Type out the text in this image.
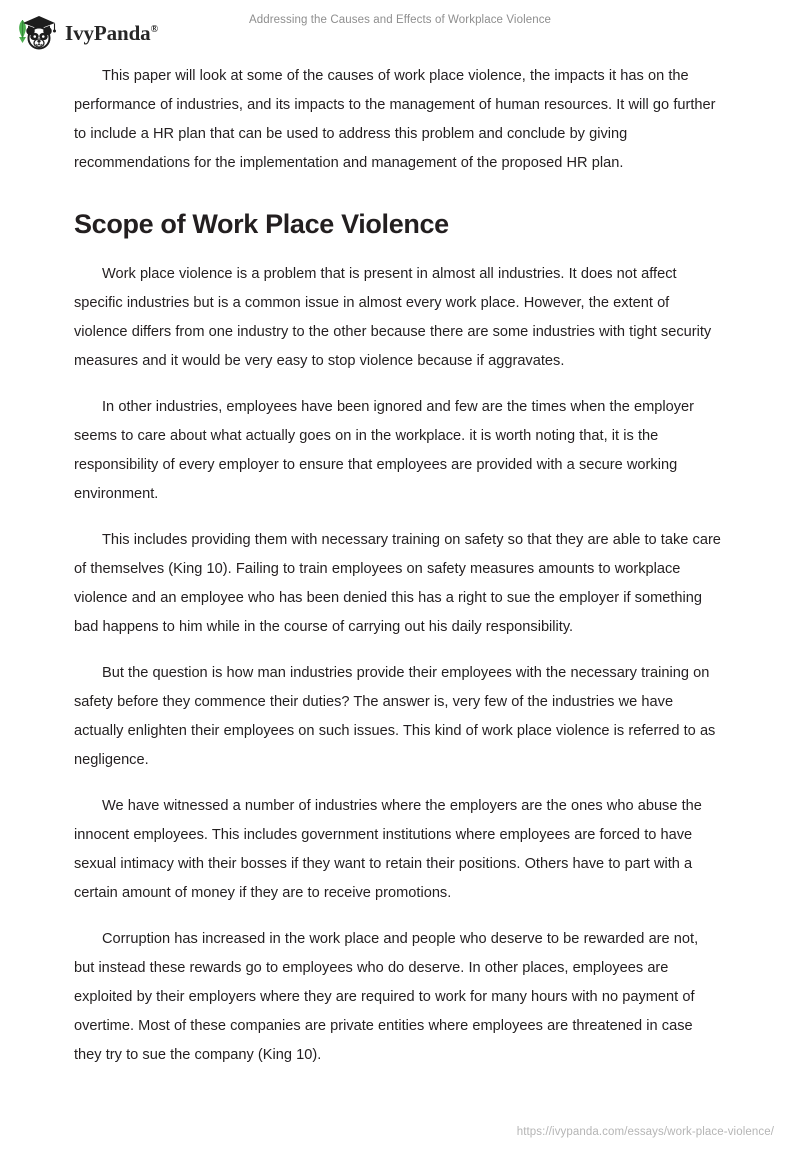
IvyPanda®
Addressing the Causes and Effects of Workplace Violence

This paper will look at some of the causes of work place violence, the impacts it has on the performance of industries, and its impacts to the management of human resources. It will go further to include a HR plan that can be used to address this problem and conclude by giving recommendations for the implementation and management of the proposed HR plan.

Scope of Work Place Violence

Work place violence is a problem that is present in almost all industries. It does not affect specific industries but is a common issue in almost every work place. However, the extent of violence differs from one industry to the other because there are some industries with tight security measures and it would be very easy to stop violence because if aggravates.

In other industries, employees have been ignored and few are the times when the employer seems to care about what actually goes on in the workplace. it is worth noting that, it is the responsibility of every employer to ensure that employees are provided with a secure working environment.

This includes providing them with necessary training on safety so that they are able to take care of themselves (King 10). Failing to train employees on safety measures amounts to workplace violence and an employee who has been denied this has a right to sue the employer if something bad happens to him while in the course of carrying out his daily responsibility.

But the question is how man industries provide their employees with the necessary training on safety before they commence their duties? The answer is, very few of the industries we have actually enlighten their employees on such issues. This kind of work place violence is referred to as negligence.

We have witnessed a number of industries where the employers are the ones who abuse the innocent employees. This includes government institutions where employees are forced to have sexual intimacy with their bosses if they want to retain their positions. Others have to part with a certain amount of money if they are to receive promotions.

Corruption has increased in the work place and people who deserve to be rewarded are not, but instead these rewards go to employees who do deserve. In other places, employees are exploited by their employers where they are required to work for many hours with no payment of overtime. Most of these companies are private entities where employees are threatened in case they try to sue the company (King 10).

https://ivypanda.com/essays/work-place-violence/
